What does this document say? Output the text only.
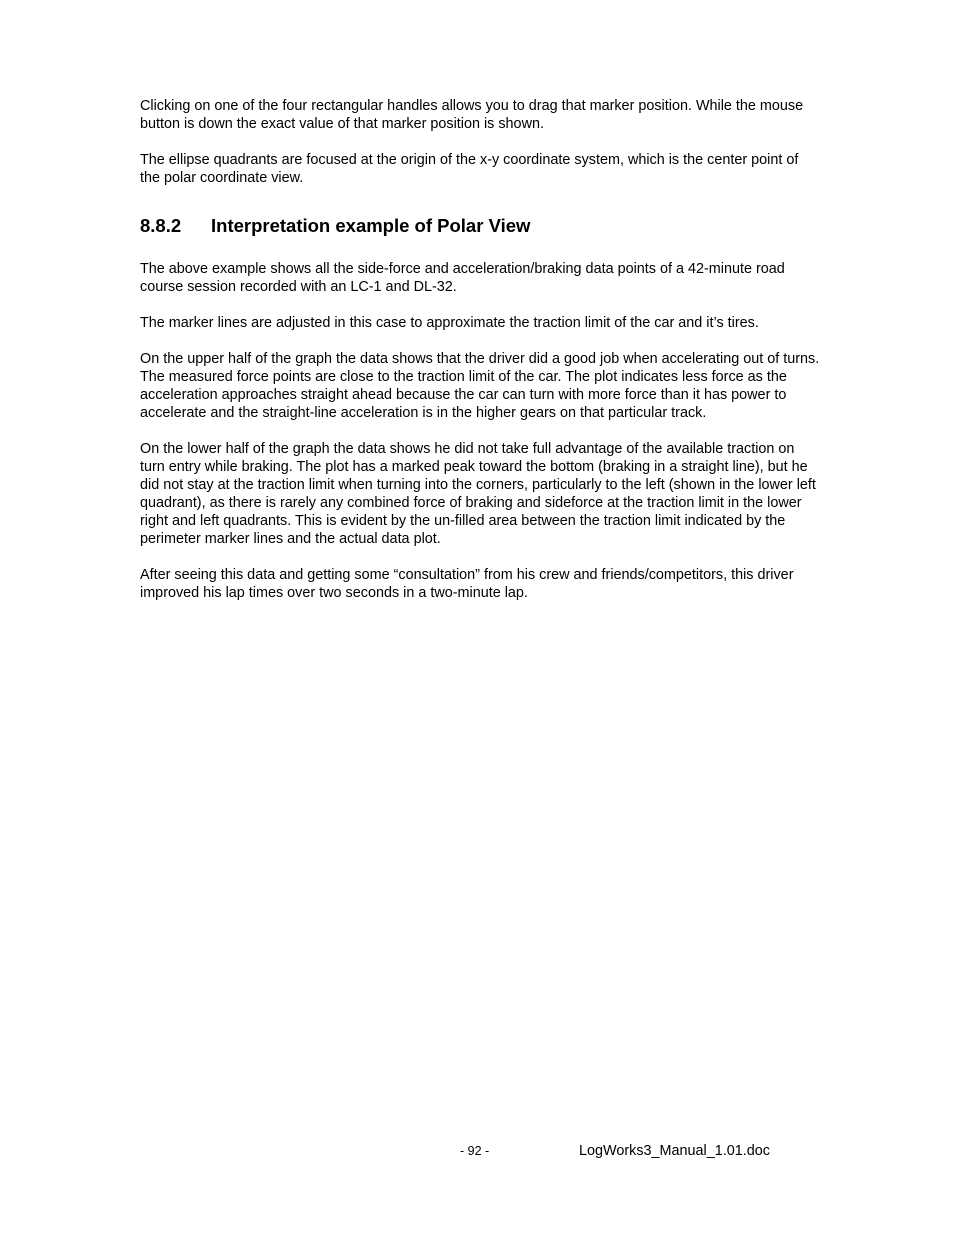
Clicking on one of the four rectangular handles allows you to drag that marker position. While the mouse button is down the exact value of that marker position is shown.

The ellipse quadrants are focused at the origin of the x-y coordinate system, which is the center point of the polar coordinate view.

8.8.2 Interpretation example of Polar View

The above example shows all the side-force and acceleration/braking data points of a 42-minute road course session recorded with an LC-1 and DL-32.

The marker lines are adjusted in this case to approximate the traction limit of the car and it’s tires.

On the upper half of the graph the data shows that the driver did a good job when accelerating out of turns. The measured force points are close to the traction limit of the car. The plot indicates less force as the acceleration approaches straight ahead because the car can turn with more force than it has power to accelerate and the straight-line acceleration is in the higher gears on that particular track.

On the lower half of the graph the data shows he did not take full advantage of the available traction on turn entry while braking. The plot has a marked peak toward the bottom (braking in a straight line), but he did not stay at the traction limit when turning into the corners, particularly to the left (shown in the lower left quadrant), as there is rarely any combined force of braking and sideforce at the traction limit in the lower right and left quadrants. This is evident by the un-filled area between the traction limit indicated by the perimeter marker lines and the actual data plot.

After seeing this data and getting some “consultation” from his crew and friends/competitors, this driver improved his lap times over two seconds in a two-minute lap.

- 92 -	LogWorks3_Manual_1.01.doc
